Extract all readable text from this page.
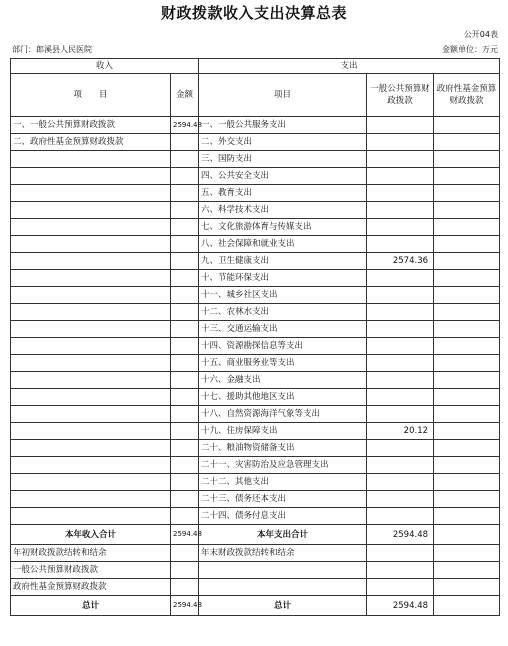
财政拨款收入支出决算总表
公开04表
部门：郎溪县人民医院	金额单位：万元
收入		支出		
项　　目	金额	项目	一般公共预算财政拨款	政府性基金预算财政拨款
一、一般公共预算财政拨款	2594.48	一、一般公共服务支出		
二、政府性基金预算财政拨款		二、外交支出		
		三、国防支出		
		四、公共安全支出		
		五、教育支出		
		六、科学技术支出		
		七、文化旅游体育与传媒支出		
		八、社会保障和就业支出		
		九、卫生健康支出	2574.36	
		十、节能环保支出		
		十一、城乡社区支出		
		十二、农林水支出		
		十三、交通运输支出		
		十四、资源勘探信息等支出		
		十五、商业服务业等支出		
		十六、金融支出		
		十七、援助其他地区支出		
		十八、自然资源海洋气象等支出		
		十九、住房保障支出	20.12	
		二十、粮油物资储备支出		
		二十一、灾害防治及应急管理支出		
		二十二、其他支出		
		二十三、债务还本支出		
		二十四、债务付息支出		
本年收入合计	2594.48	本年支出合计	2594.48	
年初财政拨款结转和结余		年末财政拨款结转和结余		
一般公共预算财政拨款				
政府性基金预算财政拨款				
总计	2594.48	总计	2594.48	
